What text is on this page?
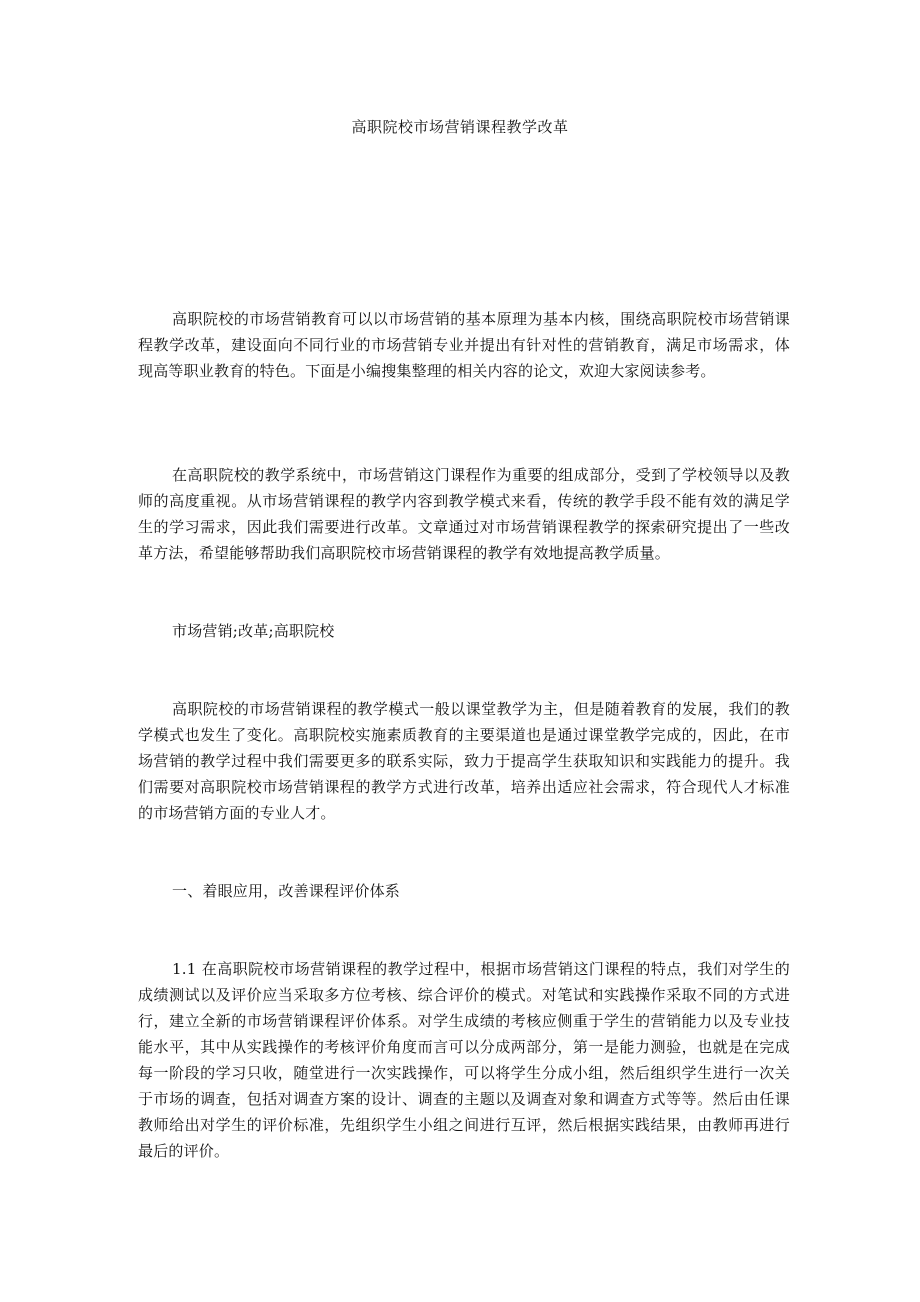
高职院校市场营销课程教学改革

高职院校的市场营销教育可以以市场营销的基本原理为基本内核，围绕高职院校市场营销课程教学改革，建设面向不同行业的市场营销专业并提出有针对性的营销教育，满足市场需求，体现高等职业教育的特色。下面是小编搜集整理的相关内容的论文，欢迎大家阅读参考。

在高职院校的教学系统中，市场营销这门课程作为重要的组成部分，受到了学校领导以及教师的高度重视。从市场营销课程的教学内容到教学模式来看，传统的教学手段不能有效的满足学生的学习需求，因此我们需要进行改革。文章通过对市场营销课程教学的探索研究提出了一些改革方法，希望能够帮助我们高职院校市场营销课程的教学有效地提高教学质量。

市场营销;改革;高职院校

高职院校的市场营销课程的教学模式一般以课堂教学为主，但是随着教育的发展，我们的教学模式也发生了变化。高职院校实施素质教育的主要渠道也是通过课堂教学完成的，因此，在市场营销的教学过程中我们需要更多的联系实际，致力于提高学生获取知识和实践能力的提升。我们需要对高职院校市场营销课程的教学方式进行改革，培养出适应社会需求，符合现代人才标准的市场营销方面的专业人才。

一、着眼应用，改善课程评价体系

1.1 在高职院校市场营销课程的教学过程中，根据市场营销这门课程的特点，我们对学生的成绩测试以及评价应当采取多方位考核、综合评价的模式。对笔试和实践操作采取不同的方式进行，建立全新的市场营销课程评价体系。对学生成绩的考核应侧重于学生的营销能力以及专业技能水平，其中从实践操作的考核评价角度而言可以分成两部分，第一是能力测验，也就是在完成每一阶段的学习只收，随堂进行一次实践操作，可以将学生分成小组，然后组织学生进行一次关于市场的调查，包括对调查方案的设计、调查的主题以及调查对象和调查方式等等。然后由任课教师给出对学生的评价标准，先组织学生小组之间进行互评，然后根据实践结果，由教师再进行最后的评价。
